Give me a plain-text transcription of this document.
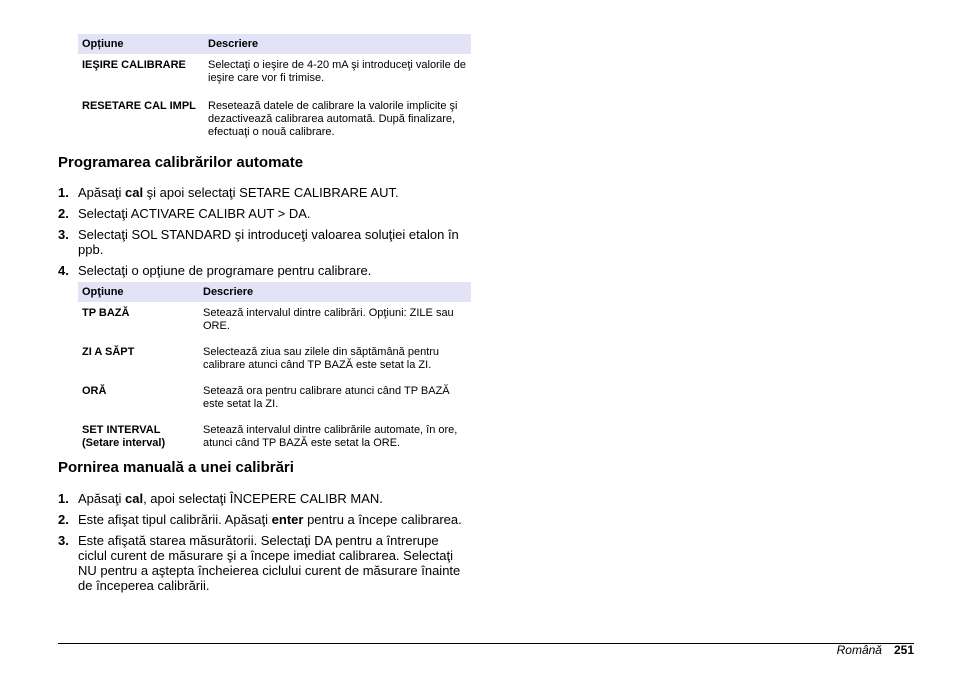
Opțiune	Descriere
IEŞIRE CALIBRARE	Selectaţi o ieşire de 4-20 mA şi introduceţi valorile de ieşire care vor fi trimise.
RESETARE CAL IMPL	Resetează datele de calibrare la valorile implicite şi dezactivează calibrarea automată. După finalizare, efectuaţi o nouă calibrare.
Programarea calibrărilor automate
1. Apăsaţi cal şi apoi selectaţi SETARE CALIBRARE AUT.
2. Selectaţi ACTIVARE CALIBR AUT > DA.
3. Selectaţi SOL STANDARD şi introduceţi valoarea soluţiei etalon în ppb.
4. Selectaţi o opţiune de programare pentru calibrare.
Opţiune	Descriere
TP BAZĂ	Setează intervalul dintre calibrări. Opţiuni: ZILE sau ORE.
ZI A SĂPT	Selectează ziua sau zilele din săptămână pentru calibrare atunci când TP BAZĂ este setat la ZI.
ORĂ	Setează ora pentru calibrare atunci când TP BAZĂ este setat la ZI.
SET INTERVAL (Setare interval)	Setează intervalul dintre calibrările automate, în ore, atunci când TP BAZĂ este setat la ORE.
Pornirea manuală a unei calibrări
1. Apăsaţi cal, apoi selectaţi ÎNCEPERE CALIBR MAN.
2. Este afişat tipul calibrării. Apăsaţi enter pentru a începe calibrarea.
3. Este afişată starea măsurătorii. Selectaţi DA pentru a întrerupe ciclul curent de măsurare şi a începe imediat calibrarea. Selectaţi NU pentru a aştepta încheierea ciclului curent de măsurare înainte de începerea calibrării.
Română 251
